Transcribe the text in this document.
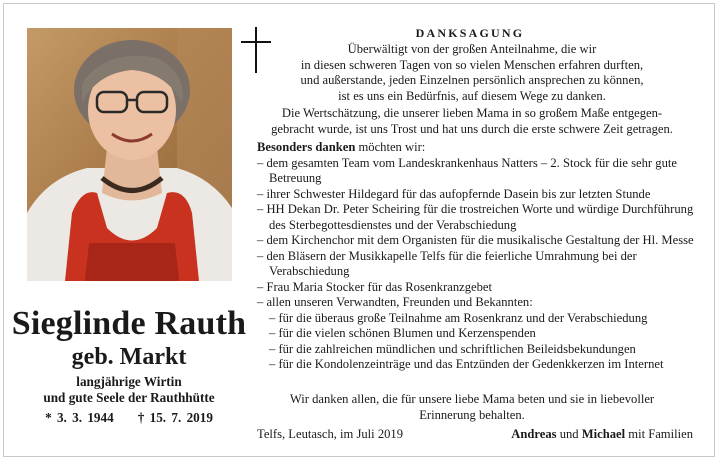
Sieglinde Rauth
geb. Markt
langjährige Wirtin
und gute Seele der Rauthhütte
* 3. 3. 1944 † 15. 7. 2019
DANKSAGUNG
Überwältigt von der großen Anteilnahme, die wir
in diesen schweren Tagen von so vielen Menschen erfahren durften,
und außerstande, jeden Einzelnen persönlich ansprechen zu können,
ist es uns ein Bedürfnis, auf diesem Wege zu danken.
Die Wertschätzung, die unserer lieben Mama in so großem Maße entgegen-
gebracht wurde, ist uns Trost und hat uns durch die erste schwere Zeit getragen.
Besonders danken möchten wir:
– dem gesamten Team vom Landeskrankenhaus Natters – 2. Stock für die sehr gute Betreuung
– ihrer Schwester Hildegard für das aufopfernde Dasein bis zur letzten Stunde
– HH Dekan Dr. Peter Scheiring für die trostreichen Worte und würdige Durchführung des Sterbegottesdienstes und der Verabschiedung
– dem Kirchenchor mit dem Organisten für die musikalische Gestaltung der Hl. Messe
– den Bläsern der Musikkapelle Telfs für die feierliche Umrahmung bei der Verabschiedung
– Frau Maria Stocker für das Rosenkranzgebet
– allen unseren Verwandten, Freunden und Bekannten:
– für die überaus große Teilnahme am Rosenkranz und der Verabschiedung
– für die vielen schönen Blumen und Kerzenspenden
– für die zahlreichen mündlichen und schriftlichen Beileidsbekundungen
– für die Kondolenzeinträge und das Entzünden der Gedenkkerzen im Internet
Wir danken allen, die für unsere liebe Mama beten und sie in liebevoller
Erinnerung behalten.
Telfs, Leutasch, im Juli 2019	Andreas und Michael mit Familien
